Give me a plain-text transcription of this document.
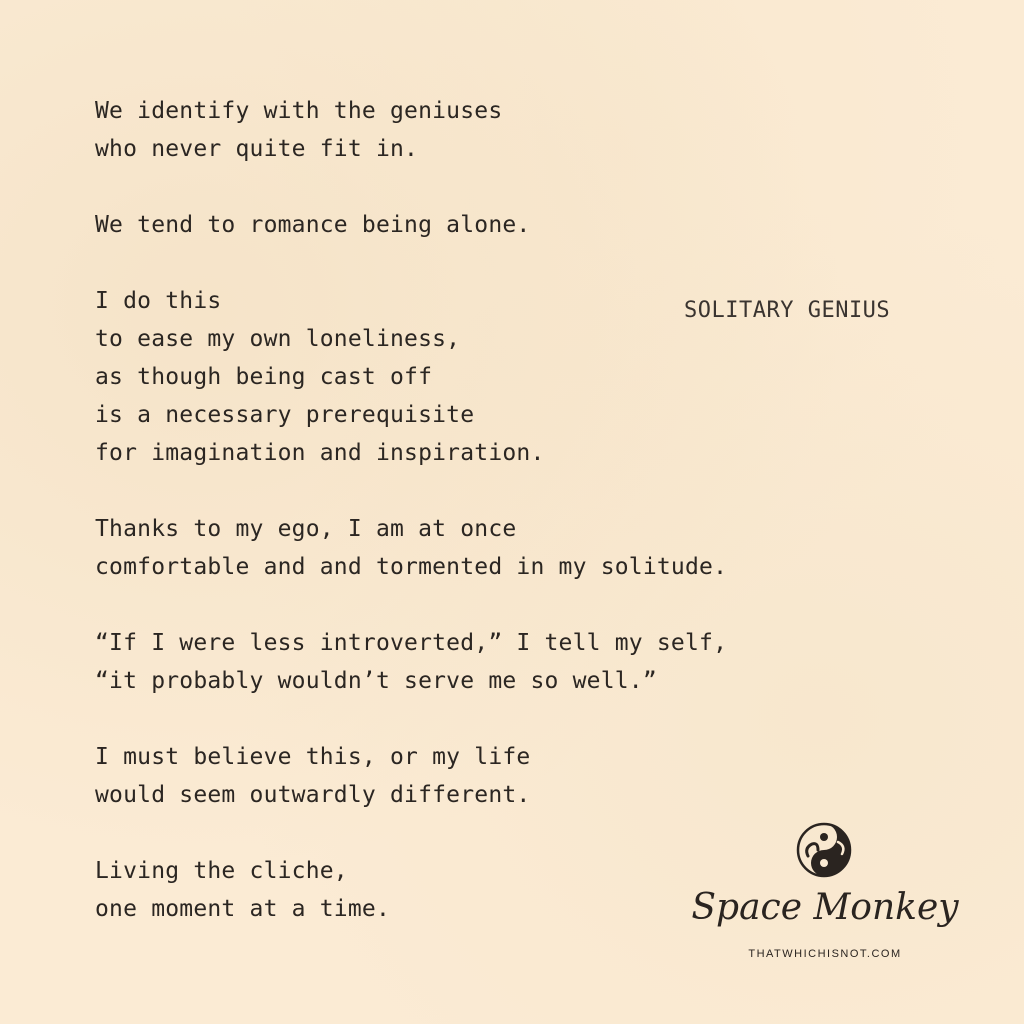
We identify with the geniuses
who never quite fit in.
We tend to romance being alone.
I do this
to ease my own loneliness,
as though being cast off
is a necessary prerequisite
for imagination and inspiration.
Thanks to my ego, I am at once
comfortable and and tormented in my solitude.
“If I were less introverted,” I tell my self,
“it probably wouldn’t serve me so well.”
I must believe this, or my life
would seem outwardly different.
Living the cliche,
one moment at a time.
SOLITARY GENIUS
Space Monkey
THATWHICHISNOT.COM
